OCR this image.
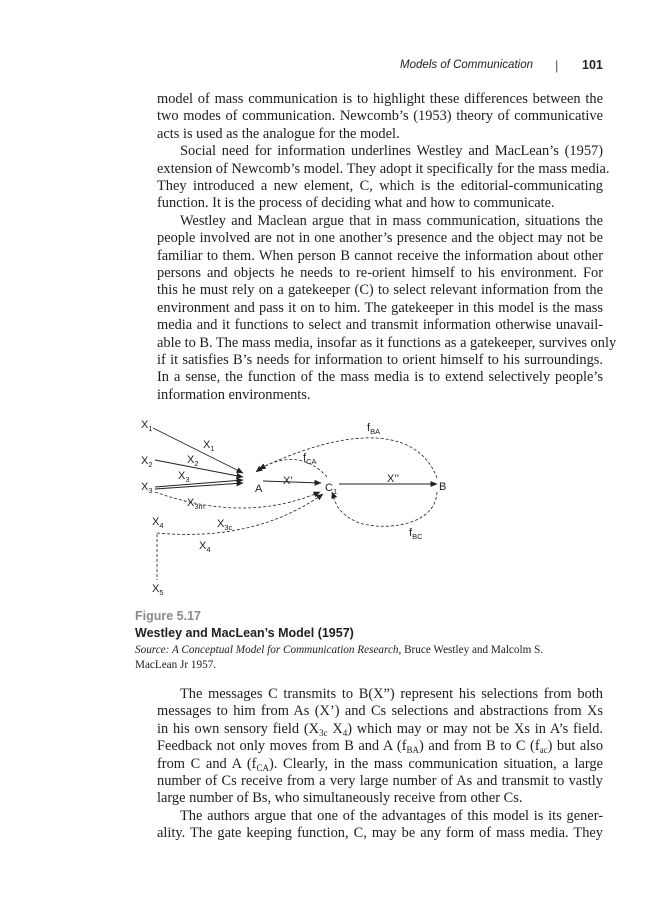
Models of Communication | 101

model of mass communication is to highlight these differences between the
two modes of communication. Newcomb’s (1953) theory of communicative
acts is used as the analogue for the model.

Social need for information underlines Westley and MacLean’s (1957)
extension of Newcomb’s model. They adopt it specifically for the mass media.
They introduced a new element, C, which is the editorial-communicating
function. It is the process of deciding what and how to communicate.

Westley and Maclean argue that in mass communication, situations the
people involved are not in one another’s presence and the object may not be
familiar to them. When person B cannot receive the information about other
persons and objects he needs to re-orient himself to his environment. For
this he must rely on a gatekeeper (C) to select relevant information from the
environment and pass it on to him. The gatekeeper in this model is the mass
media and it functions to select and transmit information otherwise unavail-
able to B. The mass media, insofar as it functions as a gatekeeper, survives only
if it satisfies B’s needs for information to orient himself to his surroundings.
In a sense, the function of the mass media is to extend selectively people’s
information environments.

$X_1$
$X_2$
$X_3$
$X_4$
$X_5$
$X_1$
$X_2$
$X_3$
$X_{3m}$
$X_{3c}$
$X_4$
A
X’
$C_1$
X’’
B
$f_{BA}$
$f_{CA}$
$f_{BC}$
Figure 5.17
Westley and MacLean’s Model (1957)
Source: A Conceptual Model for Communication Research, Bruce Westley and Malcolm S. MacLean Jr 1957.

The messages C transmits to B(X”) represent his selections from both
messages to him from As (X’) and Cs selections and abstractions from Xs
in his own sensory field ($X_{3c}$ $X_4$) which may or may not be Xs in A’s field.
Feedback not only moves from B and A $(f_{BA})$ and from B to C $(f_{ac})$ but also
from C and A $(f_{CA})$. Clearly, in the mass communication situation, a large
number of Cs receive from a very large number of As and transmit to vastly
large number of Bs, who simultaneously receive from other Cs.

The authors argue that one of the advantages of this model is its gener-
ality. The gate keeping function, C, may be any form of mass media. They
